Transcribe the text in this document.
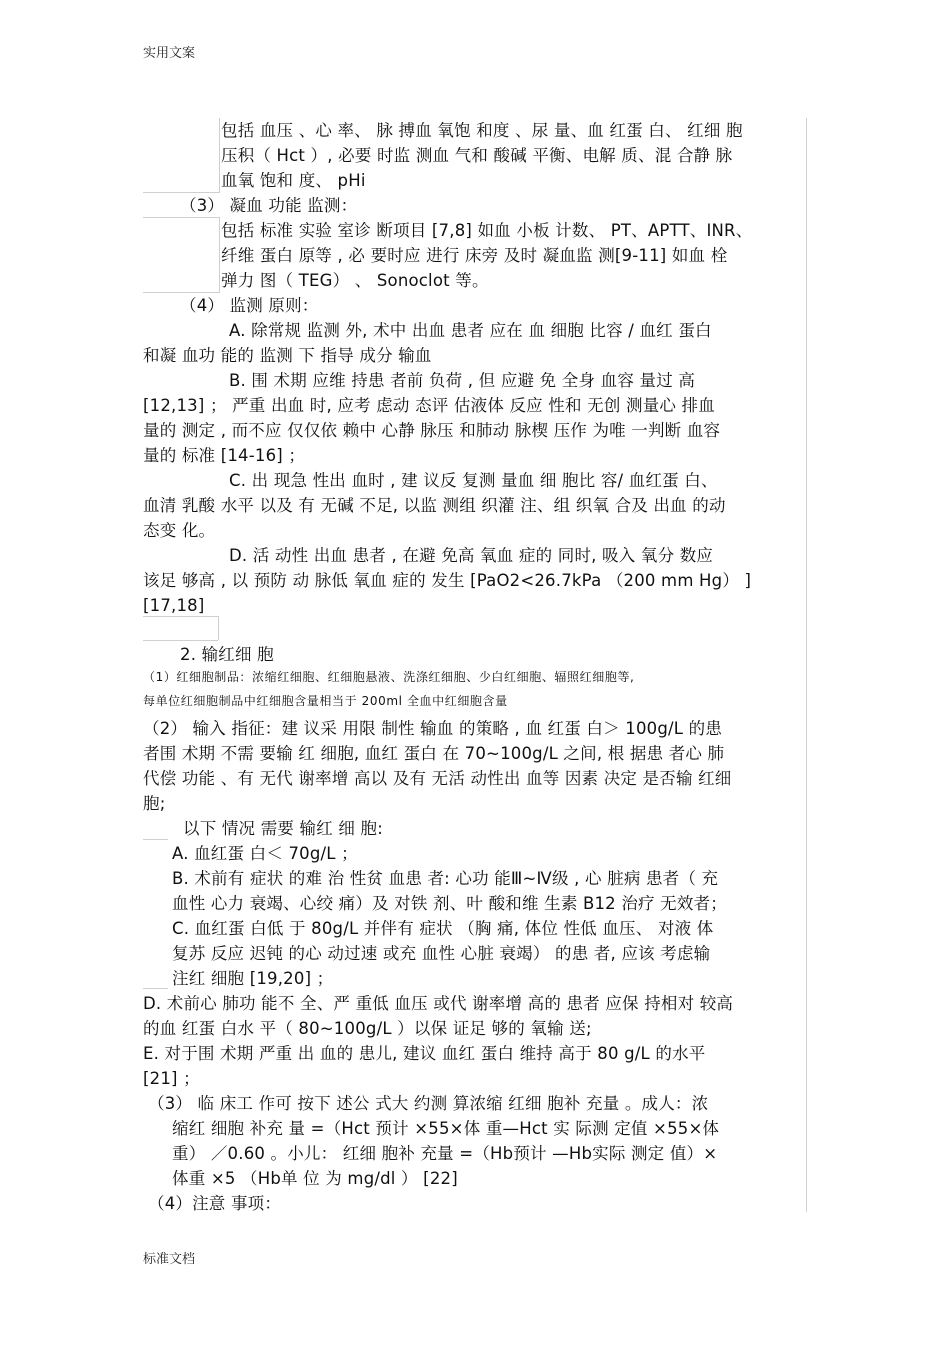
实用文案
包括 血压 、心 率、 脉 搏血 氧饱 和度 、尿 量、血 红蛋 白、 红细 胞
压积（ Hct ）, 必要 时监 测血 气和 酸碱 平衡、电解 质、混 合静 脉
血氧 饱和 度、 pHi
（3） 凝血 功能 监测：
包括 标准 实验 室诊 断项目 [7,8] 如血 小板 计数、 PT、APTT、INR、
纤维 蛋白 原等 , 必 要时应 进行 床旁 及时 凝血监 测[9-11] 如血 栓
弹力 图（ TEG） 、 Sonoclot 等。
（4） 监测 原则：
A. 除常规 监测 外, 术中 出血 患者 应在 血 细胞 比容 / 血红 蛋白
和凝 血功 能的 监测 下 指导 成分 输血
B. 围 术期 应维 持患 者前 负荷 , 但 应避 免 全身 血容 量过 高
[12,13] ； 严重 出血 时, 应考 虑动 态评 估液体 反应 性和 无创 测量心 排血
量的 测定 , 而不应 仅仅依 赖中 心静 脉压 和肺动 脉楔 压作 为唯 一判断 血容
量的 标准 [14-16] ；
C. 出 现急 性出 血时 , 建 议反 复测 量血 细 胞比 容/ 血红蛋 白、
血清 乳酸 水平 以及 有 无碱 不足, 以监 测组 织灌 注、组 织氧 合及 出血 的动
态变 化。
D. 活 动性 出血 患者 , 在避 免高 氧血 症的 同时, 吸入 氧分 数应
该足 够高 , 以 预防 动 脉低 氧血 症的 发生 [PaO2<26.7kPa （200 mm Hg） ]
[17,18]
2. 输红细 胞
（1）红细胞制品：浓缩红细胞、红细胞悬液、洗涤红细胞、少白红细胞、辐照红细胞等,
每单位红细胞制品中红细胞含量相当于 200ml 全血中红细胞含量
（2） 输入 指征：建 议采 用限 制性 输血 的策略 , 血 红蛋 白＞ 100g/L 的患
者围 术期 不需 要输 红 细胞, 血红 蛋白 在 70~100g/L 之间, 根 据患 者心 肺
代偿 功能 、有 无代 谢率增 高以 及有 无活 动性出 血等 因素 决定 是否输 红细
胞;
以下 情况 需要 输红 细 胞:
A. 血红蛋 白＜ 70g/L ；
B. 术前有 症状 的难 治 性贫 血患 者: 心功 能Ⅲ~Ⅳ级 , 心 脏病 患者（ 充
血性 心力 衰竭、心绞 痛）及 对铁 剂、叶 酸和维 生素 B12 治疗 无效者；
C. 血红蛋 白低 于 80g/L 并伴有 症状 （胸 痛, 体位 性低 血压、 对液 体
复苏 反应 迟钝 的心 动过速 或充 血性 心脏 衰竭） 的患 者, 应该 考虑输
注红 细胞 [19,20] ；
D. 术前心 肺功 能不 全、严 重低 血压 或代 谢率增 高的 患者 应保 持相对 较高
的血 红蛋 白水 平（ 80~100g/L ）以保 证足 够的 氧输 送;
E. 对于围 术期 严重 出 血的 患儿, 建议 血红 蛋白 维持 高于 80 g/L 的水平
[21] ；
（3） 临 床工 作可 按下 述公 式大 约测 算浓缩 红细 胞补 充量 。成人：浓
缩红 细胞 补充 量 =（Hct 预计 ×55×体 重—Hct 实 际测 定值 ×55×体
重） ／0.60 。小儿： 红细 胞补 充量 =（Hb预计 —Hb实际 测定 值）×
体重 ×5 （Hb单 位 为 mg/dl ） [22]
（4）注意 事项：
标准文档
